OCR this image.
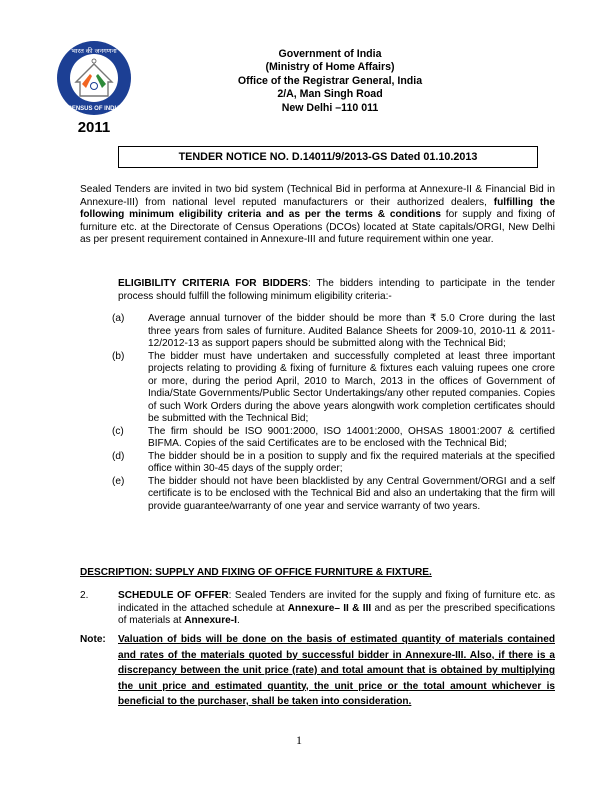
भारत की जनगणना
CENSUS OF INDIA
2011
Government of India
(Ministry of Home Affairs)
Office of the Registrar General, India
2/A, Man Singh Road
New Delhi –110 011
TENDER NOTICE NO. D.14011/9/2013-GS Dated 01.10.2013
Sealed Tenders are invited in two bid system (Technical Bid in performa at Annexure-II & Financial Bid in Annexure-III) from national level reputed manufacturers or their authorized dealers, fulfilling the following minimum eligibility criteria and as per the terms & conditions for supply and fixing of furniture etc. at the Directorate of Census Operations (DCOs) located at State capitals/ORGI, New Delhi as per present requirement contained in Annexure-III and future requirement within one year.
ELIGIBILITY CRITERIA FOR BIDDERS: The bidders intending to participate in the tender process should fulfill the following minimum eligibility criteria:-
(a)	Average annual turnover of the bidder should be more than ₹ 5.0 Crore during the last three years from sales of furniture. Audited Balance Sheets for 2009-10, 2010-11 & 2011-12/2012-13 as support papers should be submitted along with the Technical Bid;
(b)	The bidder must have undertaken and successfully completed at least three important projects relating to providing & fixing of furniture & fixtures each valuing rupees one crore or more, during the period April, 2010 to March, 2013 in the offices of Government of India/State Governments/Public Sector Undertakings/any other reputed companies. Copies of such Work Orders during the above years alongwith work completion certificates should be submitted with the Technical Bid;
(c)	The firm should be ISO 9001:2000, ISO 14001:2000, OHSAS 18001:2007 & certified BIFMA. Copies of the said Certificates are to be enclosed with the Technical Bid;
(d)	The bidder should be in a position to supply and fix the required materials at the specified office within 30-45 days of the supply order;
(e)	The bidder should not have been blacklisted by any Central Government/ORGI and a self certificate is to be enclosed with the Technical Bid and also an undertaking that the firm will provide guarantee/warranty of one year and service warranty of two years.
DESCRIPTION: SUPPLY AND FIXING OF OFFICE FURNITURE & FIXTURE.
2.	SCHEDULE OF OFFER: Sealed Tenders are invited for the supply and fixing of furniture etc. as indicated in the attached schedule at Annexure– II & III and as per the prescribed specifications of materials at Annexure-I.
Note:	Valuation of bids will be done on the basis of estimated quantity of materials contained and rates of the materials quoted by successful bidder in Annexure-III. Also, if there is a discrepancy between the unit price (rate) and total amount that is obtained by multiplying the unit price and estimated quantity, the unit price or the total amount whichever is beneficial to the purchaser, shall be taken into consideration.
1
